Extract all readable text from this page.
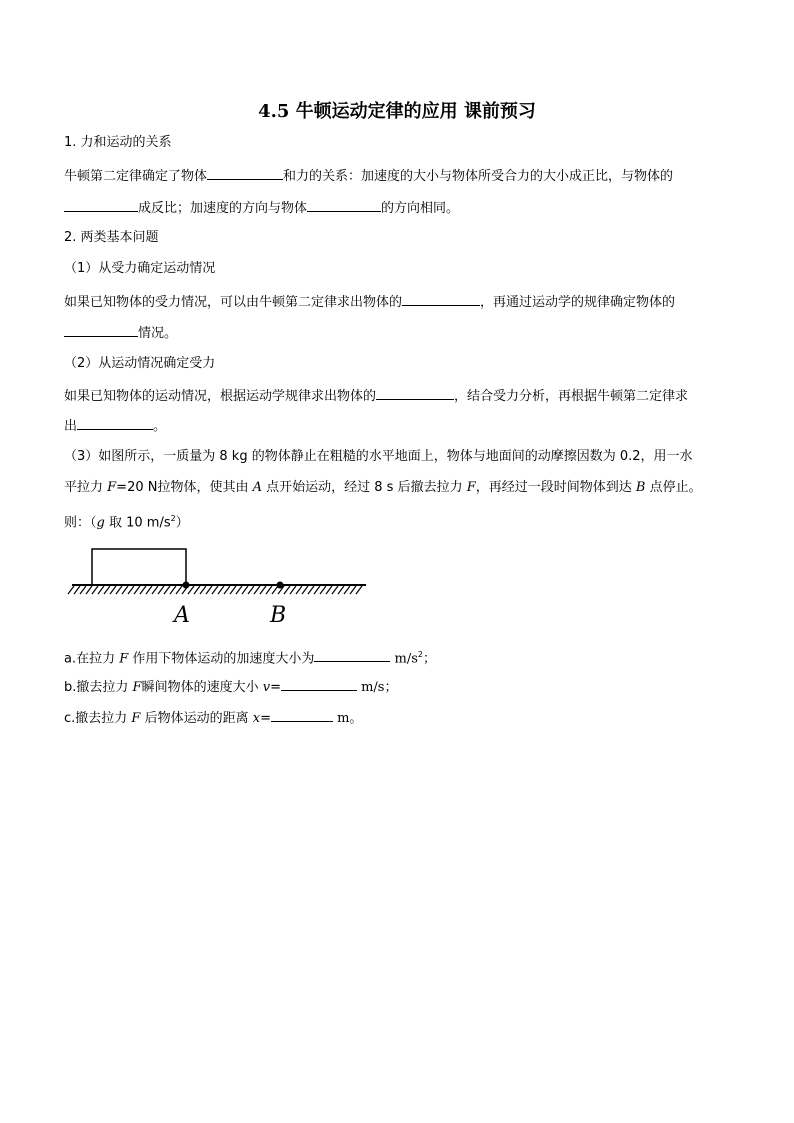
4.5 牛顿运动定律的应用 课前预习
1. 力和运动的关系
牛顿第二定律确定了物体	和力的关系：加速度的大小与物体所受合力的大小成正比，与物体的
成反比；加速度的方向与物体	的方向相同。
2. 两类基本问题
（1）从受力确定运动情况
如果已知物体的受力情况，可以由牛顿第二定律求出物体的	，再通过运动学的规律确定物体的
情况。
（2）从运动情况确定受力
如果已知物体的运动情况，根据运动学规律求出物体的	，结合受力分析，再根据牛顿第二定律求
出	。
（3）如图所示，一质量为 8 kg 的物体静止在粗糙的水平地面上，物体与地面间的动摩擦因数为 0.2，用一水
平拉力 F=20 N拉物体，使其由 A 点开始运动，经过 8 s 后撤去拉力 F，再经过一段时间物体到达 B 点停止。
则：（g 取 10 $m/s^2$）
A	B
a.在拉力 F 作用下物体运动的加速度大小为	$m/s^2$；
b.撤去拉力 F瞬间物体的速度大小 v=	m/s；
c.撤去拉力 F 后物体运动的距离 x=	m。
